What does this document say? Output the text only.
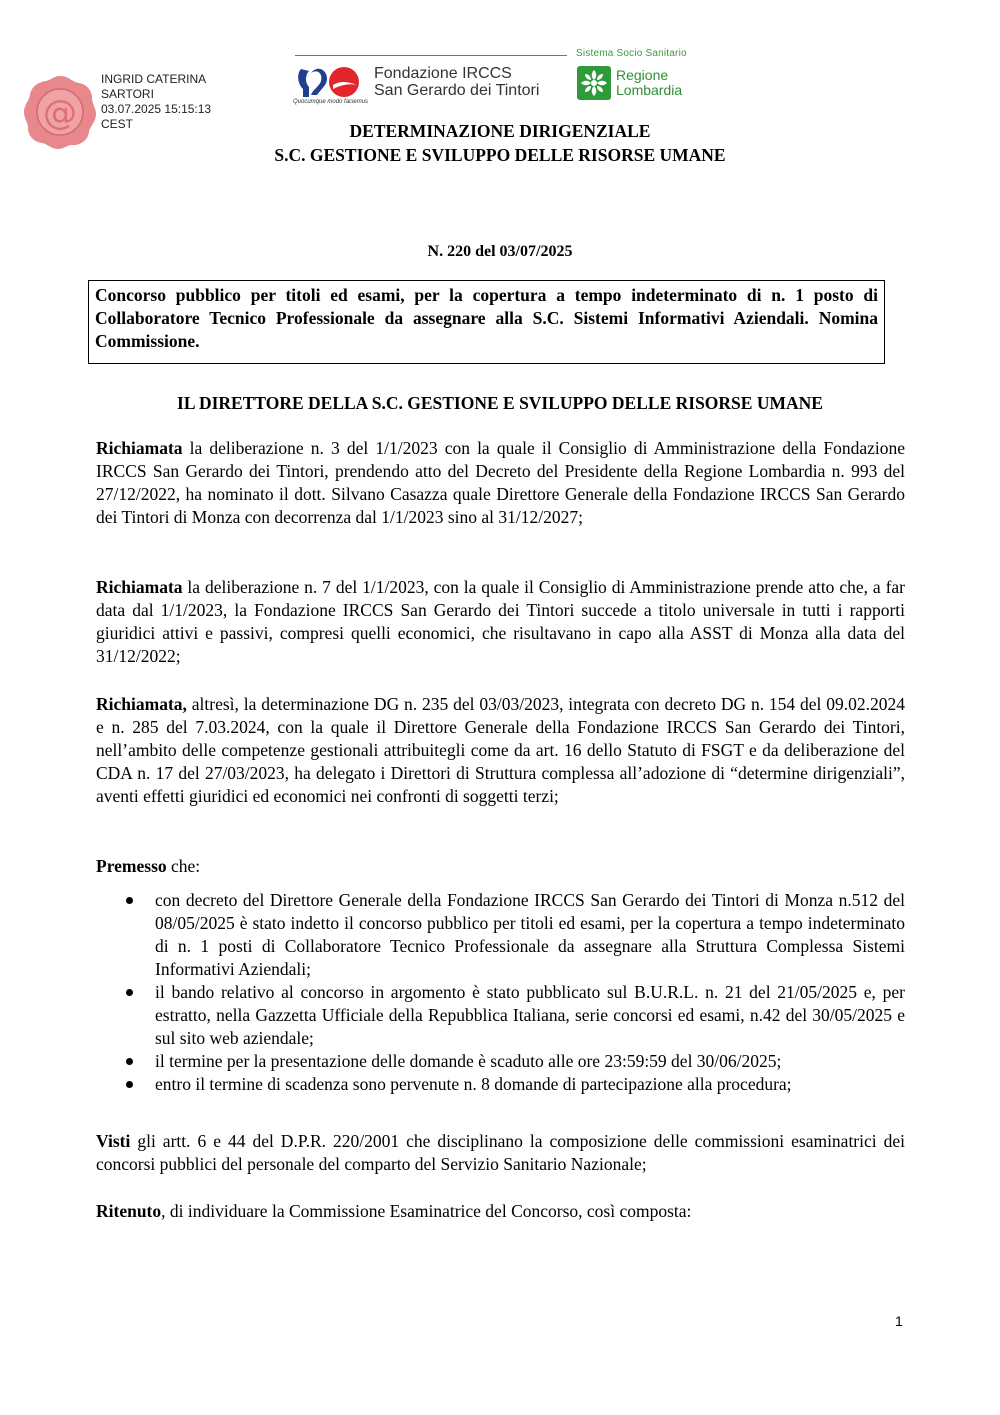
@
INGRID CATERINA
SARTORI
03.07.2025 15:15:13
CEST
Sistema Socio Sanitario
Quocumque modo faciemus
Fondazione IRCCS
San Gerardo dei Tintori
Regione
Lombardia
DETERMINAZIONE DIRIGENZIALE
S.C. GESTIONE E SVILUPPO DELLE RISORSE UMANE
N. 220 del 03/07/2025

Concorso pubblico per titoli ed esami, per la copertura a tempo indeterminato di n. 1 posto di Collaboratore Tecnico Professionale da assegnare alla S.C. Sistemi Informativi Aziendali. Nomina Commissione.

IL DIRETTORE DELLA S.C. GESTIONE E SVILUPPO DELLE RISORSE UMANE

Richiamata la deliberazione n. 3 del 1/1/2023 con la quale il Consiglio di Amministrazione della Fondazione IRCCS San Gerardo dei Tintori, prendendo atto del Decreto del Presidente della Regione Lombardia n. 993 del 27/12/2022, ha nominato il dott. Silvano Casazza quale Direttore Generale della Fondazione IRCCS San Gerardo dei Tintori di Monza con decorrenza dal 1/1/2023 sino al 31/12/2027;

Richiamata la deliberazione n. 7 del 1/1/2023, con la quale il Consiglio di Amministrazione prende atto che, a far data dal 1/1/2023, la Fondazione IRCCS San Gerardo dei Tintori succede a titolo universale in tutti i rapporti giuridici attivi e passivi, compresi quelli economici, che risultavano in capo alla ASST di Monza alla data del 31/12/2022;

Richiamata, altresì, la determinazione DG n. 235 del 03/03/2023, integrata con decreto DG n. 154 del 09.02.2024 e n. 285 del 7.03.2024, con la quale il Direttore Generale della Fondazione IRCCS San Gerardo dei Tintori, nell’ambito delle competenze gestionali attribuitegli come da art. 16 dello Statuto di FSGT e da deliberazione del CDA n. 17 del 27/03/2023, ha delegato i Direttori di Struttura complessa all’adozione di “determine dirigenziali”, aventi effetti giuridici ed economici nei confronti di soggetti terzi;

Premesso che:

con decreto del Direttore Generale della Fondazione IRCCS San Gerardo dei Tintori di Monza n.512 del 08/05/2025 è stato indetto il concorso pubblico per titoli ed esami, per la copertura a tempo indeterminato di n. 1 posti di Collaboratore Tecnico Professionale da assegnare alla Struttura Complessa Sistemi Informativi Aziendali;
il bando relativo al concorso in argomento è stato pubblicato sul B.U.R.L. n. 21 del 21/05/2025 e, per estratto, nella Gazzetta Ufficiale della Repubblica Italiana, serie concorsi ed esami, n.42 del 30/05/2025 e sul sito web aziendale;
il termine per la presentazione delle domande è scaduto alle ore 23:59:59 del 30/06/2025;
entro il termine di scadenza sono pervenute n. 8 domande di partecipazione alla procedura;

Visti gli artt. 6 e 44 del D.P.R. 220/2001 che disciplinano la composizione delle commissioni esaminatrici dei concorsi pubblici del personale del comparto del Servizio Sanitario Nazionale;

Ritenuto, di individuare la Commissione Esaminatrice del Concorso, così composta:

1
